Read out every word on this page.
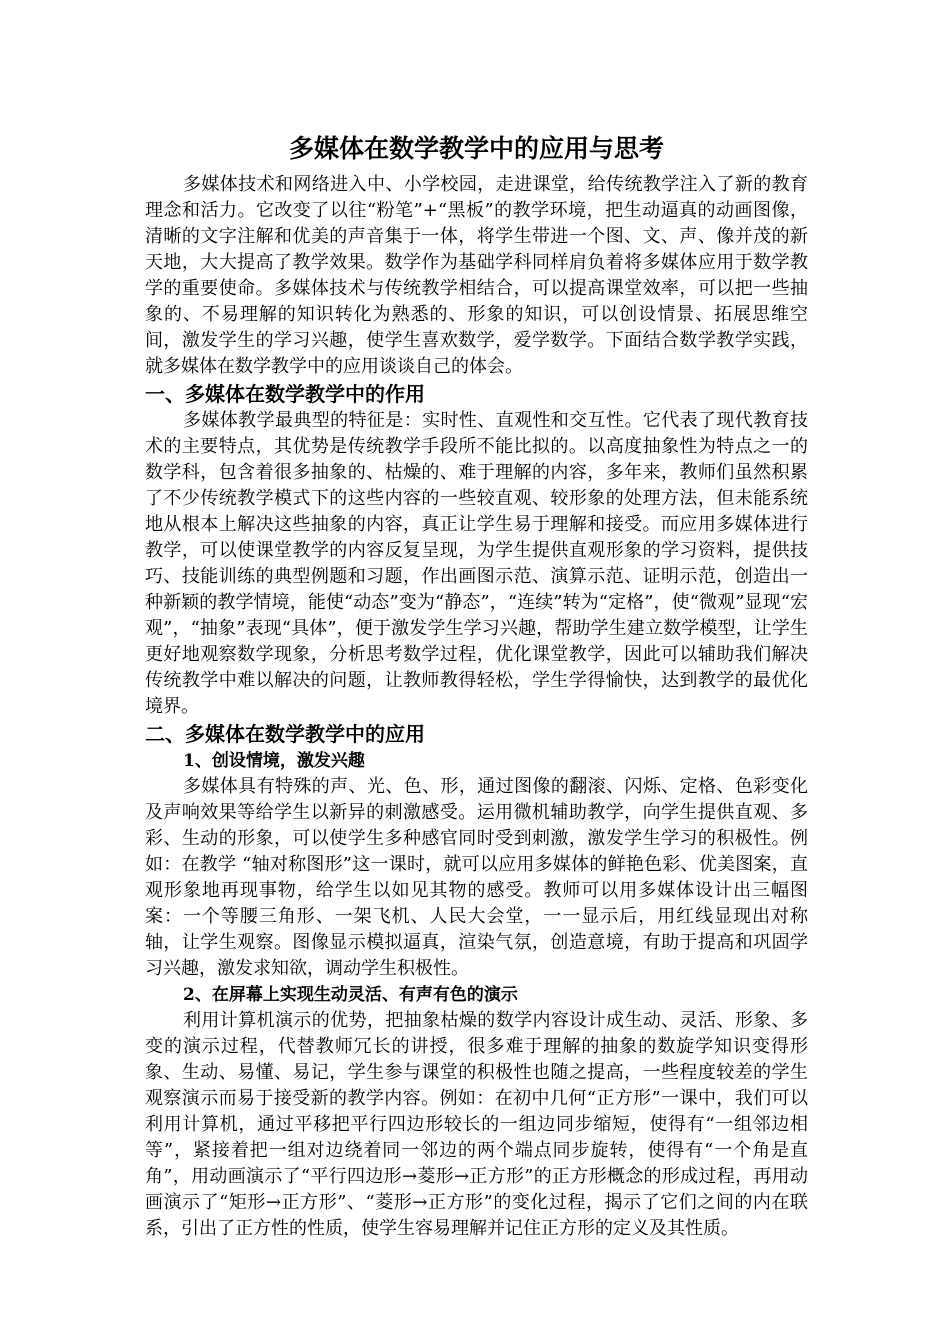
多媒体在数学教学中的应用与思考

多媒体技术和网络进入中、小学校园，走进课堂，给传统教学注入了新的教育理念和活力。它改变了以往“粉笔”+“黑板”的教学环境，把生动逼真的动画图像，清晰的文字注解和优美的声音集于一体，将学生带进一个图、文、声、像并茂的新天地，大大提高了教学效果。数学作为基础学科同样肩负着将多媒体应用于数学教学的重要使命。多媒体技术与传统教学相结合，可以提高课堂效率，可以把一些抽象的、不易理解的知识转化为熟悉的、形象的知识，可以创设情景、拓展思维空间，激发学生的学习兴趣，使学生喜欢数学，爱学数学。下面结合数学教学实践，就多媒体在数学教学中的应用谈谈自己的体会。

一、多媒体在数学教学中的作用

多媒体教学最典型的特征是：实时性、直观性和交互性。它代表了现代教育技术的主要特点，其优势是传统教学手段所不能比拟的。以高度抽象性为特点之一的数学科，包含着很多抽象的、枯燥的、难于理解的内容，多年来，教师们虽然积累了不少传统教学模式下的这些内容的一些较直观、较形象的处理方法，但未能系统地从根本上解决这些抽象的内容，真正让学生易于理解和接受。而应用多媒体进行教学，可以使课堂教学的内容反复呈现，为学生提供直观形象的学习资料，提供技巧、技能训练的典型例题和习题，作出画图示范、演算示范、证明示范，创造出一种新颖的教学情境，能使“动态”变为“静态”，“连续”转为“定格”，使“微观”显现“宏观”，“抽象”表现“具体”，便于激发学生学习兴趣，帮助学生建立数学模型，让学生更好地观察数学现象，分析思考数学过程，优化课堂教学，因此可以辅助我们解决传统教学中难以解决的问题，让教师教得轻松，学生学得愉快，达到教学的最优化境界。

二、多媒体在数学教学中的应用
1、创设情境，激发兴趣

多媒体具有特殊的声、光、色、形，通过图像的翻滚、闪烁、定格、色彩变化及声响效果等给学生以新异的刺激感受。运用微机辅助教学，向学生提供直观、多彩、生动的形象，可以使学生多种感官同时受到刺激，激发学生学习的积极性。例如：在教学 “轴对称图形”这一课时，就可以应用多媒体的鲜艳色彩、优美图案，直观形象地再现事物，给学生以如见其物的感受。教师可以用多媒体设计出三幅图案：一个等腰三角形、一架飞机、人民大会堂，一一显示后，用红线显现出对称轴，让学生观察。图像显示模拟逼真，渲染气氛，创造意境，有助于提高和巩固学习兴趣，激发求知欲，调动学生积极性。

2、在屏幕上实现生动灵活、有声有色的演示

利用计算机演示的优势，把抽象枯燥的数学内容设计成生动、灵活、形象、多变的演示过程，代替教师冗长的讲授，很多难于理解的抽象的数旋学知识变得形象、生动、易懂、易记，学生参与课堂的积极性也随之提高，一些程度较差的学生观察演示而易于接受新的教学内容。例如：在初中几何“正方形”一课中，我们可以利用计算机，通过平移把平行四边形较长的一组边同步缩短，使得有“一组邻边相等”，紧接着把一组对边绕着同一邻边的两个端点同步旋转，使得有“一个角是直角”，用动画演示了“平行四边形→菱形→正方形”的正方形概念的形成过程，再用动画演示了“矩形→正方形”、“菱形→正方形”的变化过程，揭示了它们之间的内在联系，引出了正方性的性质，使学生容易理解并记住正方形的定义及其性质。
